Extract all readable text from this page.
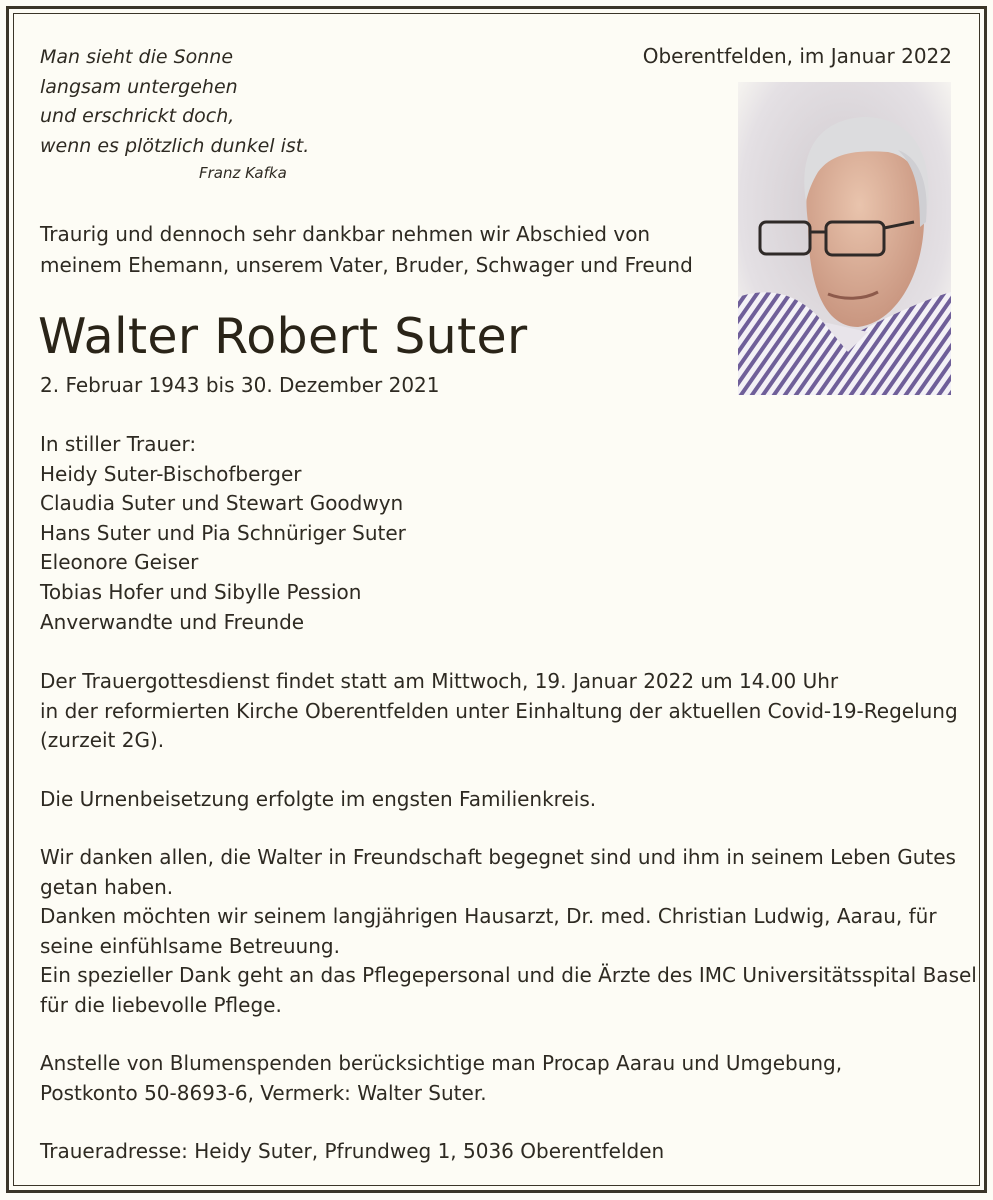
Man sieht die Sonne
langsam untergehen
und erschrickt doch,
wenn es plötzlich dunkel ist.
Franz Kafka
Oberentfelden, im Januar 2022
Traurig und dennoch sehr dankbar nehmen wir Abschied von
meinem Ehemann, unserem Vater, Bruder, Schwager und Freund
Walter Robert Suter
2. Februar 1943 bis 30. Dezember 2021
In stiller Trauer:
Heidy Suter-Bischofberger
Claudia Suter und Stewart Goodwyn
Hans Suter und Pia Schnüriger Suter
Eleonore Geiser
Tobias Hofer und Sibylle Pession
Anverwandte und Freunde
Der Trauergottesdienst findet statt am Mittwoch, 19. Januar 2022 um 14.00 Uhr
in der reformierten Kirche Oberentfelden unter Einhaltung der aktuellen Covid-19-Regelung
(zurzeit 2G).
Die Urnenbeisetzung erfolgte im engsten Familienkreis.
Wir danken allen, die Walter in Freundschaft begegnet sind und ihm in seinem Leben Gutes
getan haben.
Danken möchten wir seinem langjährigen Hausarzt, Dr. med. Christian Ludwig, Aarau, für
seine einfühlsame Betreuung.
Ein spezieller Dank geht an das Pflegepersonal und die Ärzte des IMC Universitätsspital Basel
für die liebevolle Pflege.
Anstelle von Blumenspenden berücksichtige man Procap Aarau und Umgebung,
Postkonto 50-8693-6, Vermerk: Walter Suter.
Traueradresse: Heidy Suter, Pfrundweg 1, 5036 Oberentfelden
